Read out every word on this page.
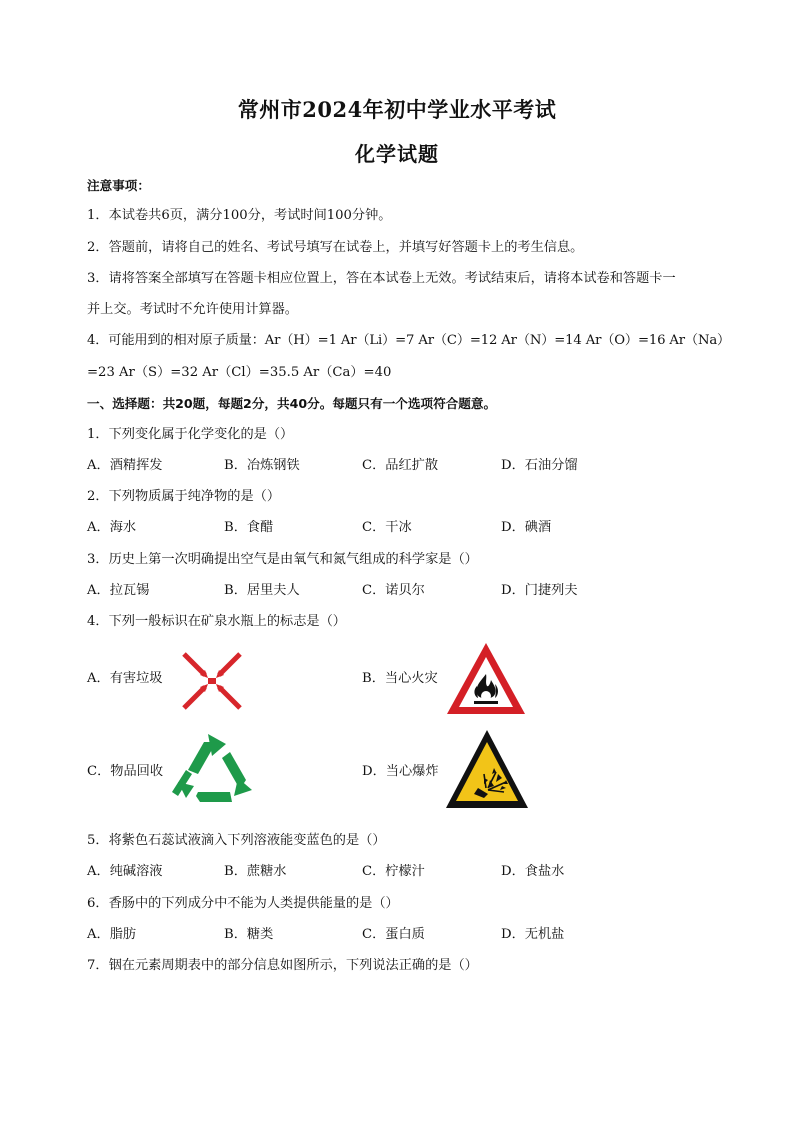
常州市2024年初中学业水平考试
化学试题
注意事项：
1．本试卷共6页，满分100分，考试时间100分钟。
2．答题前，请将自己的姓名、考试号填写在试卷上，并填写好答题卡上的考生信息。
3．请将答案全部填写在答题卡相应位置上，答在本试卷上无效。考试结束后，请将本试卷和答题卡一
并上交。考试时不允许使用计算器。
4．可能用到的相对原子质量：Ar（H）=1 Ar（Li）=7 Ar（C）=12 Ar（N）=14 Ar（O）=16 Ar（Na）
=23 Ar（S）=32 Ar（Cl）=35.5 Ar（Ca）=40
一、选择题：共20题，每题2分，共40分。每题只有一个选项符合题意。
1．下列变化属于化学变化的是（）
A．酒精挥发	B．冶炼钢铁	C．品红扩散	D．石油分馏
2．下列物质属于纯净物的是（）
A．海水	B．食醋	C．干冰	D．碘酒
3．历史上第一次明确提出空气是由氧气和氮气组成的科学家是（）
A．拉瓦锡	B．居里夫人	C．诺贝尔	D．门捷列夫
4．下列一般标识在矿泉水瓶上的标志是（）
A．有害垃圾	B．当心火灾
C．物品回收	D．当心爆炸
5．将紫色石蕊试液滴入下列溶液能变蓝色的是（）
A．纯碱溶液	B．蔗糖水	C．柠檬汁	D．食盐水
6．香肠中的下列成分中不能为人类提供能量的是（）
A．脂肪	B．糖类	C．蛋白质	D．无机盐
7．铟在元素周期表中的部分信息如图所示，下列说法正确的是（）
